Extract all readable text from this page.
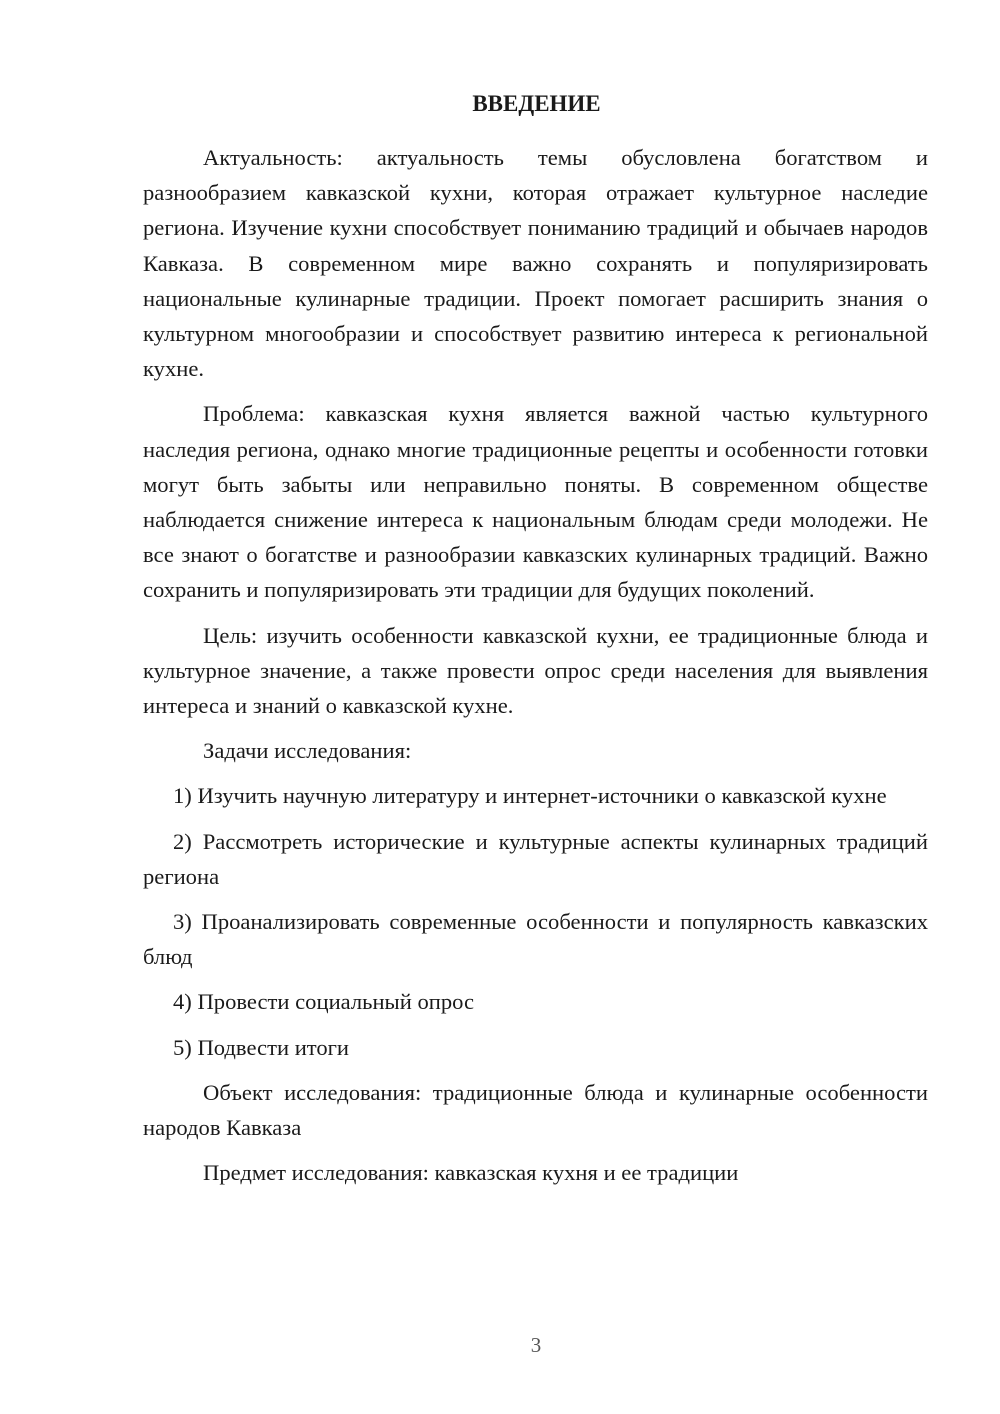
ВВЕДЕНИЕ

Актуальность: актуальность темы обусловлена богатством и разнообразием кавказской кухни, которая отражает культурное наследие региона. Изучение кухни способствует пониманию традиций и обычаев народов Кавказа. В современном мире важно сохранять и популяризировать национальные кулинарные традиции. Проект помогает расширить знания о культурном многообразии и способствует развитию интереса к региональной кухне.

Проблема: кавказская кухня является важной частью культурного наследия региона, однако многие традиционные рецепты и особенности готовки могут быть забыты или неправильно поняты. В современном обществе наблюдается снижение интереса к национальным блюдам среди молодежи. Не все знают о богатстве и разнообразии кавказских кулинарных традиций. Важно сохранить и популяризировать эти традиции для будущих поколений.

Цель: изучить особенности кавказской кухни, ее традиционные блюда и культурное значение, а также провести опрос среди населения для выявления интереса и знаний о кавказской кухне.

Задачи исследования:

1) Изучить научную литературу и интернет-источники о кавказской кухне

2) Рассмотреть исторические и культурные аспекты кулинарных традиций региона

3) Проанализировать современные особенности и популярность кавказских блюд

4) Провести социальный опрос

5) Подвести итоги

Объект исследования: традиционные блюда и кулинарные особенности народов Кавказа

Предмет исследования: кавказская кухня и ее традиции

3
